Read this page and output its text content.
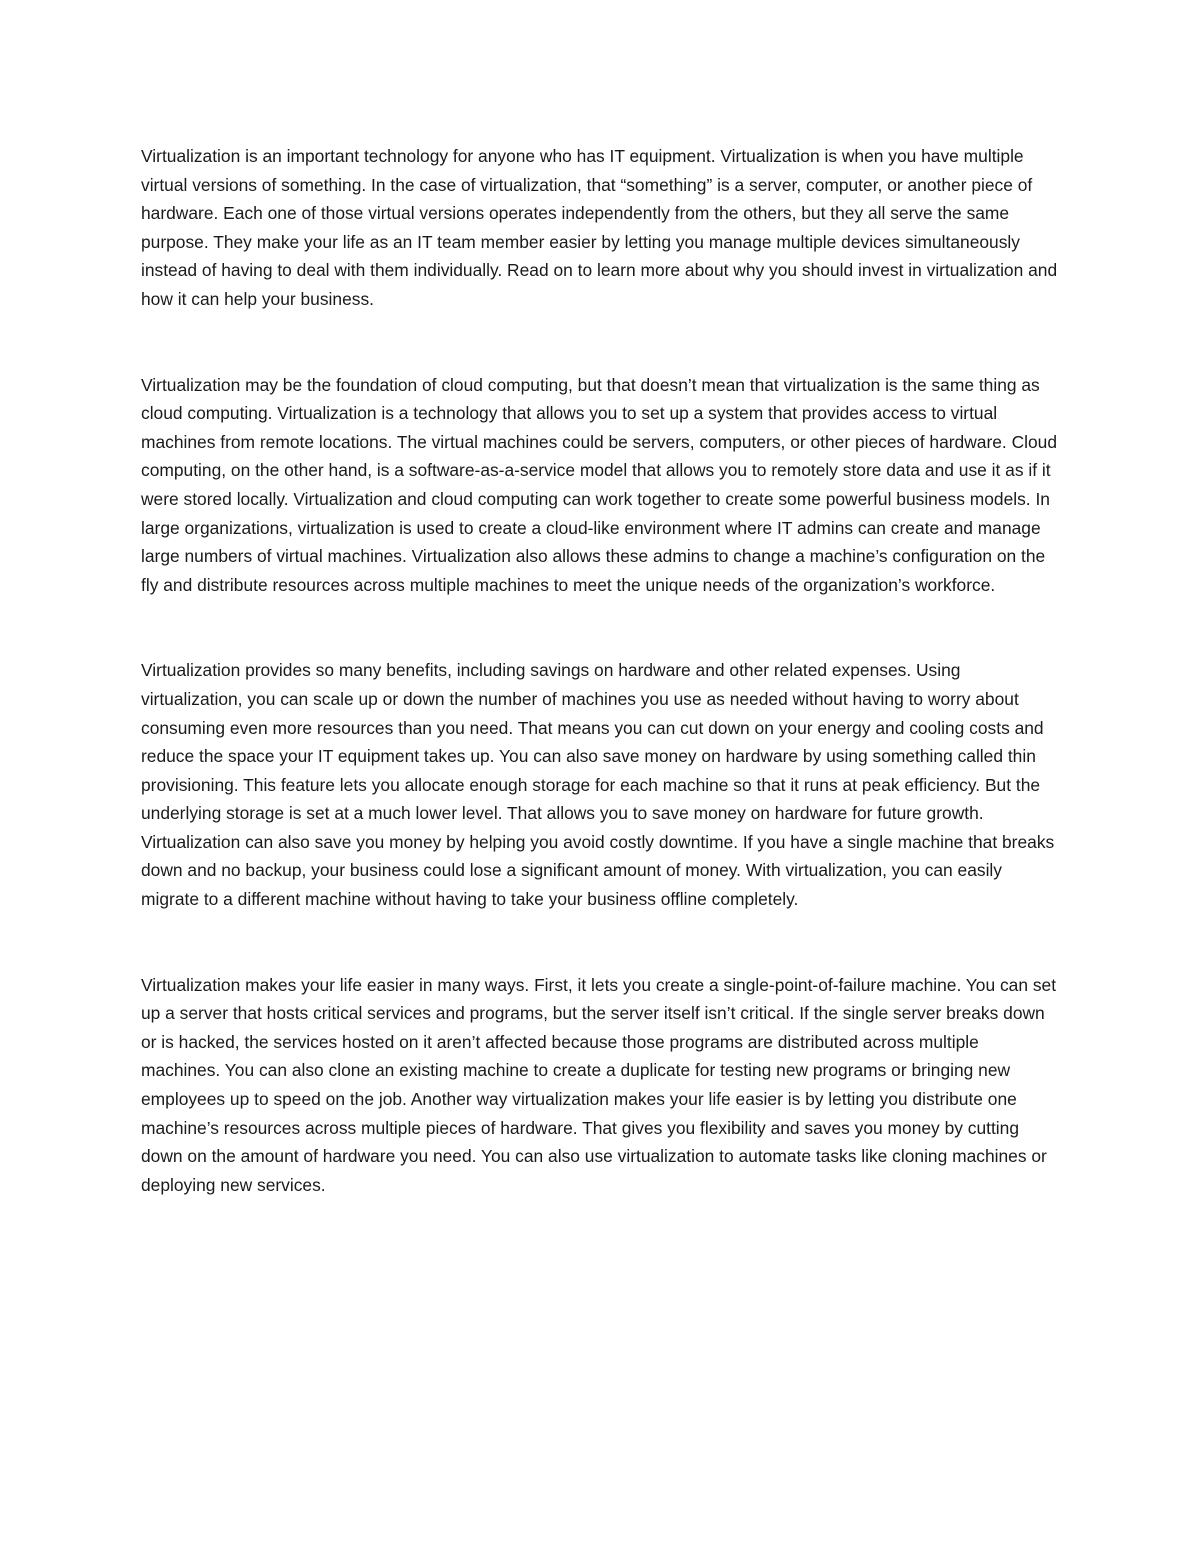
Virtualization is an important technology for anyone who has IT equipment. Virtualization is when you have multiple virtual versions of something. In the case of virtualization, that “something” is a server, computer, or another piece of hardware. Each one of those virtual versions operates independently from the others, but they all serve the same purpose. They make your life as an IT team member easier by letting you manage multiple devices simultaneously instead of having to deal with them individually. Read on to learn more about why you should invest in virtualization and how it can help your business.

Virtualization may be the foundation of cloud computing, but that doesn’t mean that virtualization is the same thing as cloud computing. Virtualization is a technology that allows you to set up a system that provides access to virtual machines from remote locations. The virtual machines could be servers, computers, or other pieces of hardware. Cloud computing, on the other hand, is a software-as-a-service model that allows you to remotely store data and use it as if it were stored locally. Virtualization and cloud computing can work together to create some powerful business models. In large organizations, virtualization is used to create a cloud-like environment where IT admins can create and manage large numbers of virtual machines. Virtualization also allows these admins to change a machine’s configuration on the fly and distribute resources across multiple machines to meet the unique needs of the organization’s workforce.

Virtualization provides so many benefits, including savings on hardware and other related expenses. Using virtualization, you can scale up or down the number of machines you use as needed without having to worry about consuming even more resources than you need. That means you can cut down on your energy and cooling costs and reduce the space your IT equipment takes up. You can also save money on hardware by using something called thin provisioning. This feature lets you allocate enough storage for each machine so that it runs at peak efficiency. But the underlying storage is set at a much lower level. That allows you to save money on hardware for future growth. Virtualization can also save you money by helping you avoid costly downtime. If you have a single machine that breaks down and no backup, your business could lose a significant amount of money. With virtualization, you can easily migrate to a different machine without having to take your business offline completely.

Virtualization makes your life easier in many ways. First, it lets you create a single-point-of-failure machine. You can set up a server that hosts critical services and programs, but the server itself isn’t critical. If the single server breaks down or is hacked, the services hosted on it aren’t affected because those programs are distributed across multiple machines. You can also clone an existing machine to create a duplicate for testing new programs or bringing new employees up to speed on the job. Another way virtualization makes your life easier is by letting you distribute one machine’s resources across multiple pieces of hardware. That gives you flexibility and saves you money by cutting down on the amount of hardware you need. You can also use virtualization to automate tasks like cloning machines or deploying new services.
